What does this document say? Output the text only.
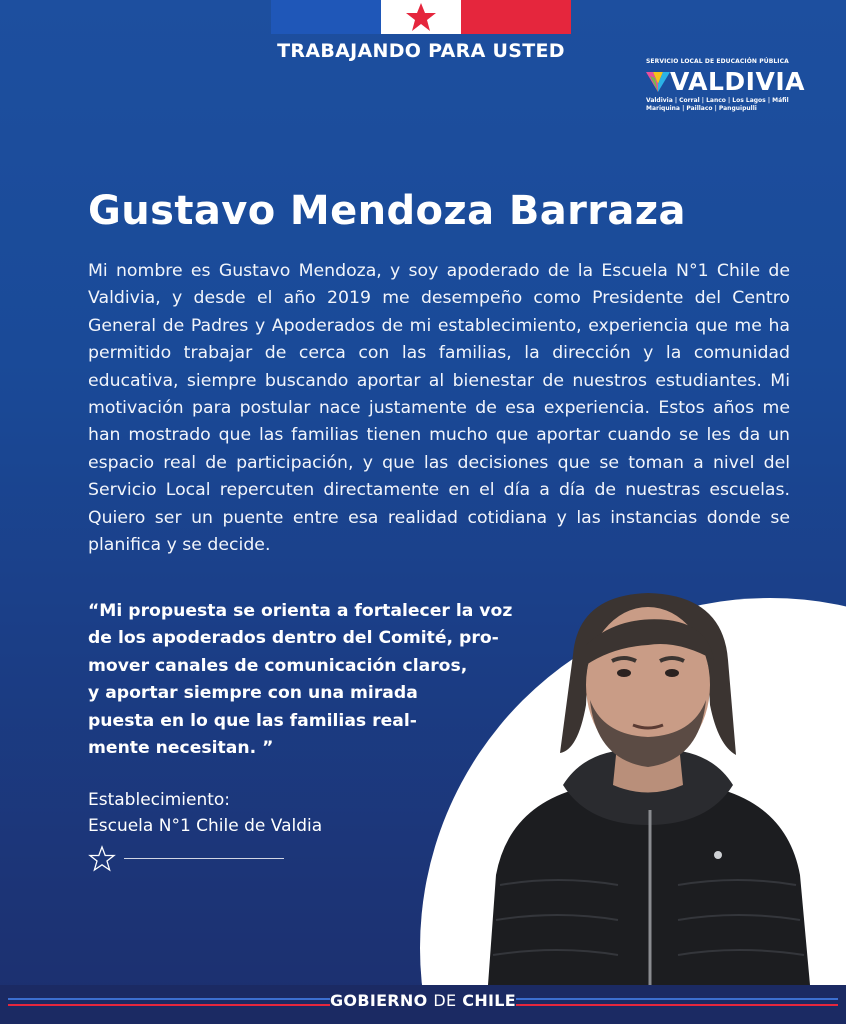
TRABAJANDO PARA USTED	SERVICIO LOCAL DE EDUCACIÓN PÚBLICA
VALDIVIA
Valdivia | Corral | Lanco | Los Lagos | Máfil
Mariquina | Paillaco | Panguipulli
Gustavo Mendoza Barraza

Mi nombre es Gustavo Mendoza, y soy apoderado de la Escuela N°1 Chile de Valdivia, y desde el año 2019 me desempeño como Presidente del Centro General de Padres y Apoderados de mi establecimiento, experiencia que me ha permitido trabajar de cerca con las familias, la dirección y la comunidad educativa, siempre buscando aportar al bienestar de nuestros estudiantes. Mi motivación para postular nace justamente de esa experiencia. Estos años me han mostrado que las familias tienen mucho que aportar cuando se les da un espacio real de participación, y que las decisiones que se toman a nivel del Servicio Local repercuten directamente en el día a día de nuestras escuelas. Quiero ser un puente entre esa realidad cotidiana y las instancias donde se planifica y se decide.

“Mi propuesta se orienta a fortalecer la voz
de los apoderados dentro del Comité, pro-
mover canales de comunicación claros,
y aportar siempre con una mirada
puesta en lo que las familias real-
mente necesitan. ”

Establecimiento:
Escuela N°1 Chile de Valdia
GOBIERNO DE CHILE
